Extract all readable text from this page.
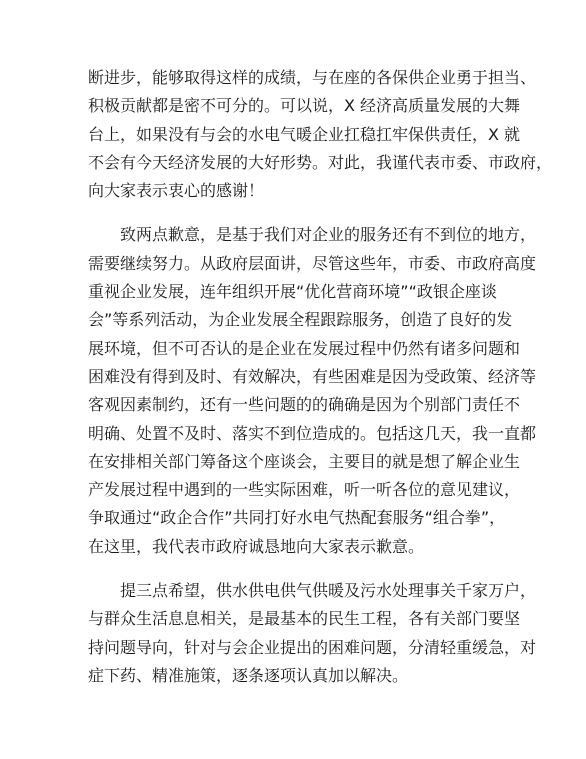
断进步，能够取得这样的成绩，与在座的各保供企业勇于担当、
积极贡献都是密不可分的。可以说，X 经济高质量发展的大舞
台上，如果没有与会的水电气暖企业扛稳扛牢保供责任，X 就
不会有今天经济发展的大好形势。对此，我谨代表市委、市政府，
向大家表示衷心的感谢！
致两点歉意，是基于我们对企业的服务还有不到位的地方，
需要继续努力。从政府层面讲，尽管这些年，市委、市政府高度
重视企业发展，连年组织开展“优化营商环境”“政银企座谈
会”等系列活动，为企业发展全程跟踪服务，创造了良好的发
展环境，但不可否认的是企业在发展过程中仍然有诸多问题和
困难没有得到及时、有效解决，有些困难是因为受政策、经济等
客观因素制约，还有一些问题的的确确是因为个别部门责任不
明确、处置不及时、落实不到位造成的。包括这几天，我一直都
在安排相关部门筹备这个座谈会，主要目的就是想了解企业生
产发展过程中遇到的一些实际困难，听一听各位的意见建议，
争取通过“政企合作”共同打好水电气热配套服务“组合拳”，
在这里，我代表市政府诚恳地向大家表示歉意。
提三点希望，供水供电供气供暖及污水处理事关千家万户，
与群众生活息息相关，是最基本的民生工程，各有关部门要坚
持问题导向，针对与会企业提出的困难问题，分清轻重缓急，对
症下药、精准施策，逐条逐项认真加以解决。
